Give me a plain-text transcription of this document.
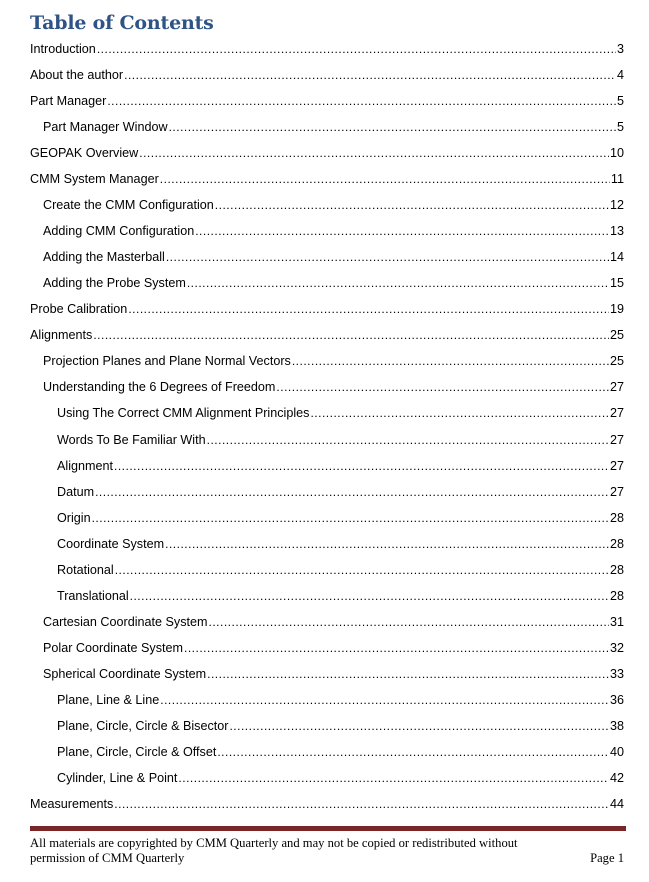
Table of Contents
Introduction .....	3
About the author .....	4
Part Manager .....	5
Part Manager Window .....	5
GEOPAK Overview .....	10
CMM System Manager .....	11
Create the CMM Configuration .....	12
Adding CMM Configuration .....	13
Adding the Masterball .....	14
Adding the Probe System .....	15
Probe Calibration .....	19
Alignments .....	25
Projection Planes and Plane Normal Vectors .....	25
Understanding the 6 Degrees of Freedom .....	27
Using The Correct CMM Alignment Principles .....	27
Words To Be Familiar With .....	27
Alignment .....	27
Datum .....	27
Origin .....	28
Coordinate System .....	28
Rotational .....	28
Translational .....	28
Cartesian Coordinate System .....	31
Polar Coordinate System .....	32
Spherical Coordinate System .....	33
Plane, Line & Line .....	36
Plane, Circle, Circle & Bisector .....	38
Plane, Circle, Circle & Offset .....	40
Cylinder, Line & Point .....	42
Measurements .....	44
All materials are copyrighted by CMM Quarterly and may not be copied or redistributed without
permission of CMM Quarterly	Page 1
